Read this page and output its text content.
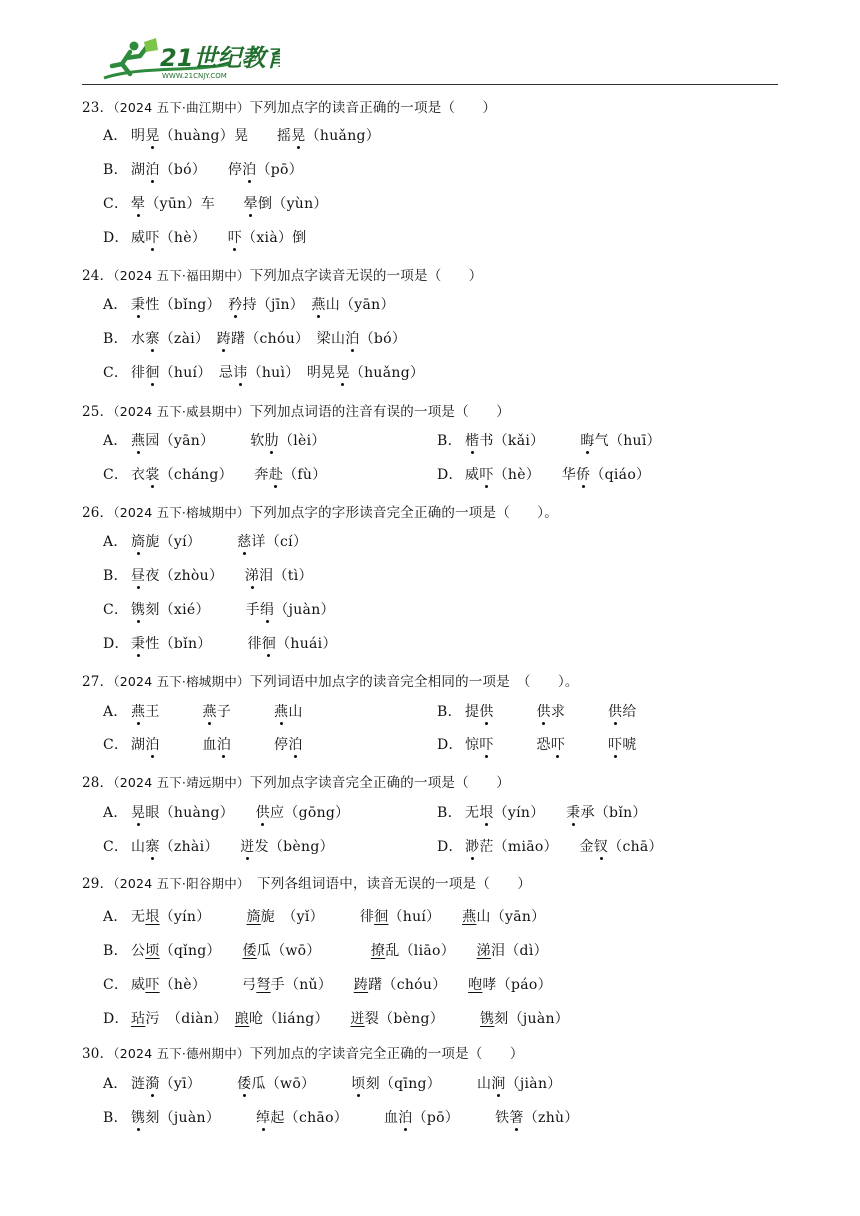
21世纪教育
WWW.21CNJY.COM
23．（2024 五下·曲江期中）下列加点字的读音正确的一项是（　　）
A． 明晃（huàng）晃　　摇晃（huǎng）
B． 湖泊（bó）　　停泊（pō）
C． 晕（yūn）车　　晕倒（yùn）
D． 威吓（hè）　　吓（xià）倒
24．（2024 五下·福田期中）下列加点字读音无误的一项是（　　）
A． 秉性（bǐng）　矜持（jīn）　燕山（yān）
B． 水寨（zài）　踌躇（chóu）　梁山泊（bó）
C． 徘徊（huí）　忌讳（huì）　明晃晃（huǎng）
25．（2024 五下·威县期中）下列加点词语的注音有误的一项是（　　）
A． 燕园（yān）　　　软肋（lèi）	B． 楷书（kǎi）　　　晦气（huī）
C． 衣裳（cháng）　　奔赴（fù）	D． 威吓（hè）　　华侨（qiáo）
26．（2024 五下·榕城期中）下列加点字的字形读音完全正确的一项是（　　）。
A． 旖旎（yí）　　　慈详（cí）
B． 昼夜（zhòu）　　涕泪（tì）
C． 镌刻（xié）　　　手绢（juàn）
D． 秉性（bǐn）　　　徘徊（huái）
27．（2024 五下·榕城期中）下列词语中加点字的读音完全相同的一项是　（　　）。
A． 燕王　　　燕子　　　燕山	B． 提供　　　	供求　　　供给
C． 湖泊　　　血泊　　　停泊	D． 惊吓　　　恐吓　　　	吓唬
28．（2024 五下·靖远期中）下列加点字读音完全正确的一项是（　　）
A． 晃眼（huàng）　　供应（gōng）	B． 无垠（yín）　　秉承（bǐn）
C． 山寨（zhài）　　迸发（bèng）	D． 渺茫（miāo）　　金钗（chā）
29．（2024 五下·阳谷期中）　下列各组词语中，读音无误的一项是（　　）
A． 无垠（yín）　　　旖旎　（yǐ）　　　徘徊（huí）　　燕山（yān）
B． 公顷（qǐng）　　倭瓜（wō）　　　　撩乱（liāo）　　涕泪（dì）
C． 威吓（hè）　　　弓弩手（nǔ）　　踌躇（chóu）　　咆哮（páo）
D． 玷污　（diàn）　踉呛（liáng）　　迸裂（bèng）　　　镌刻（juàn）
30．（2024 五下·德州期中）下列加点的字读音完全正确的一项是（　　）
A． 涟漪（yī）　　　倭瓜（wō）　　　顷刻（qīng）　　　山涧（jiàn）
B． 镌刻（juàn）　　　绰起（chāo）　　　血泊（pō）　　　铁箸（zhù）
